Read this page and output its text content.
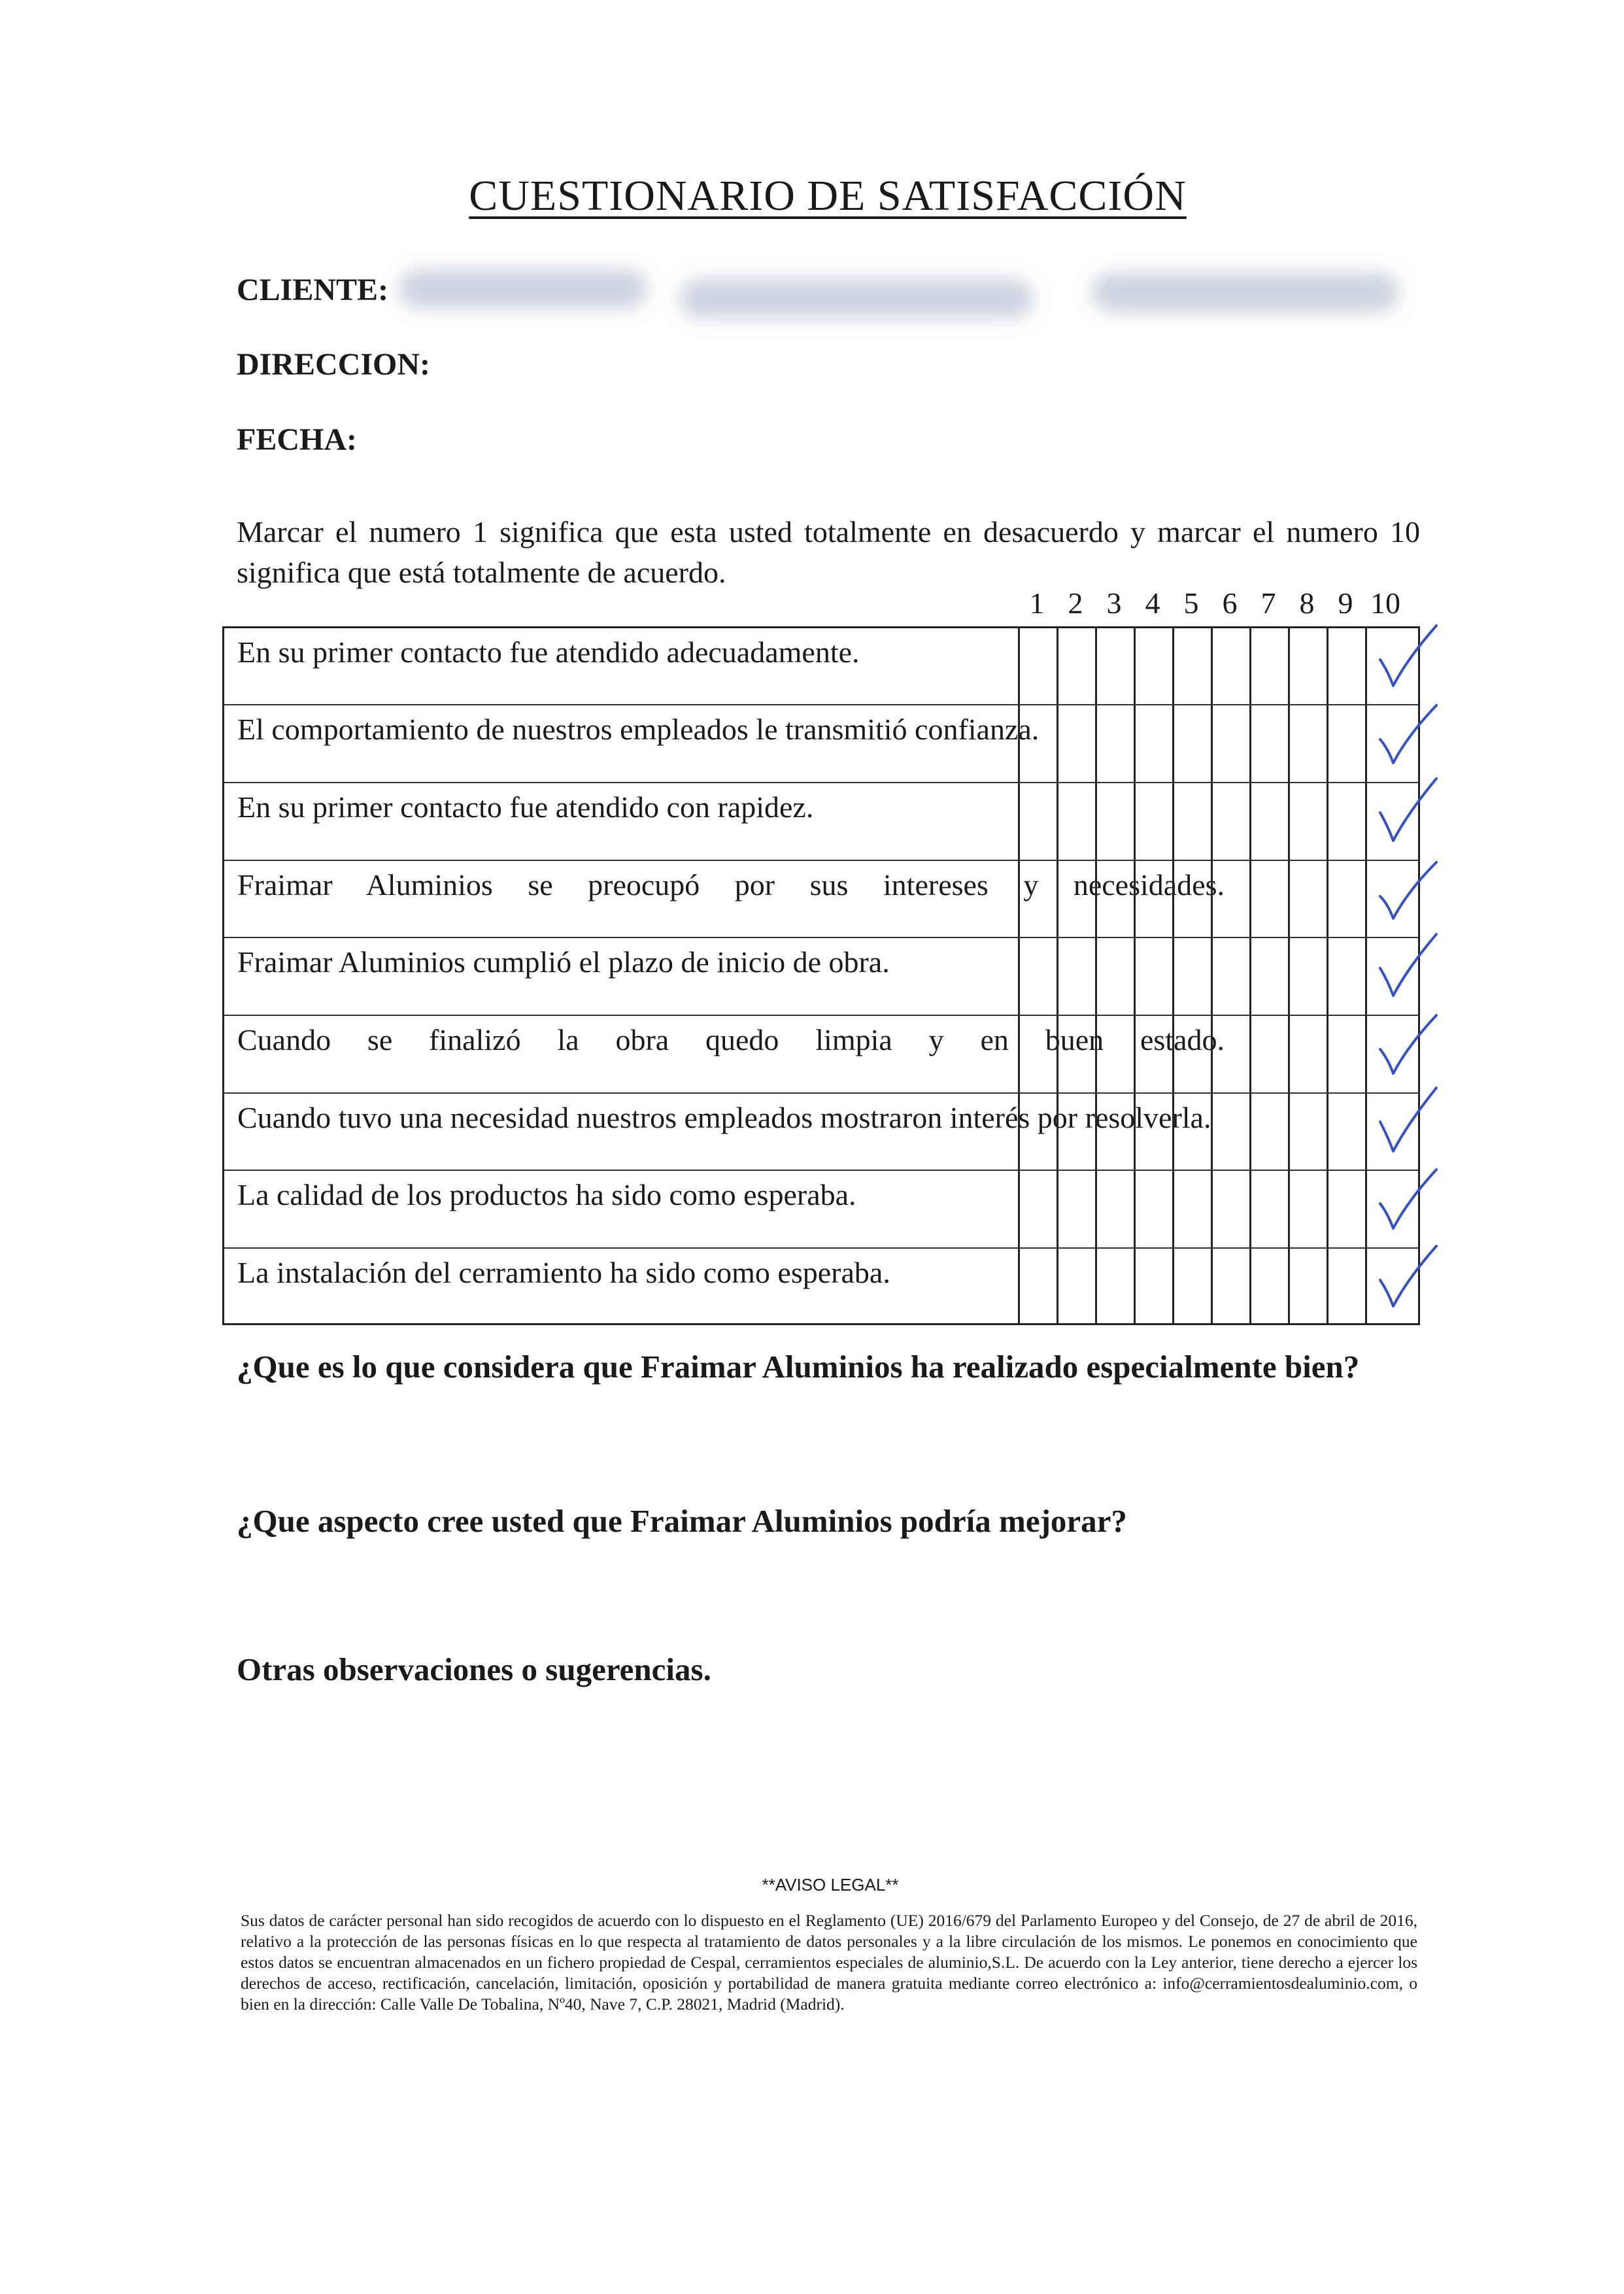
CUESTIONARIO DE SATISFACCIÓN
CLIENTE:
DIRECCION:
FECHA:
Marcar el numero 1 significa que esta usted totalmente en desacuerdo y marcar el numero 10 significa que está totalmente de acuerdo.
1 2 3 4 5 6 7 8 9 10
En su primer contacto fue atendido adecuadamente.
El comportamiento de nuestros empleados le transmitió confianza.
En su primer contacto fue atendido con rapidez.
Fraimar Aluminios se preocupó por sus intereses y necesidades.
Fraimar Aluminios cumplió el plazo de inicio de obra.
Cuando se finalizó la obra quedo limpia y en buen estado.
Cuando tuvo una necesidad nuestros empleados mostraron interés por resolverla.
La calidad de los productos ha sido como esperaba.
La instalación del cerramiento ha sido como esperaba.
¿Que es lo que considera que Fraimar Aluminios ha realizado especialmente bien?
¿Que aspecto cree usted que Fraimar Aluminios podría mejorar?
Otras observaciones o sugerencias.
**AVISO LEGAL**
Sus datos de carácter personal han sido recogidos de acuerdo con lo dispuesto en el Reglamento (UE) 2016/679 del Parlamento Europeo y del Consejo, de 27 de abril de 2016, relativo a la protección de las personas físicas en lo que respecta al tratamiento de datos personales y a la libre circulación de los mismos. Le ponemos en conocimiento que estos datos se encuentran almacenados en un fichero propiedad de Cespal, cerramientos especiales de aluminio,S.L. De acuerdo con la Ley anterior, tiene derecho a ejercer los derechos de acceso, rectificación, cancelación, limitación, oposición y portabilidad de manera gratuita mediante correo electrónico a: info@cerramientosdealuminio.com, o bien en la dirección: Calle Valle De Tobalina, Nº40, Nave 7, C.P. 28021, Madrid (Madrid).
